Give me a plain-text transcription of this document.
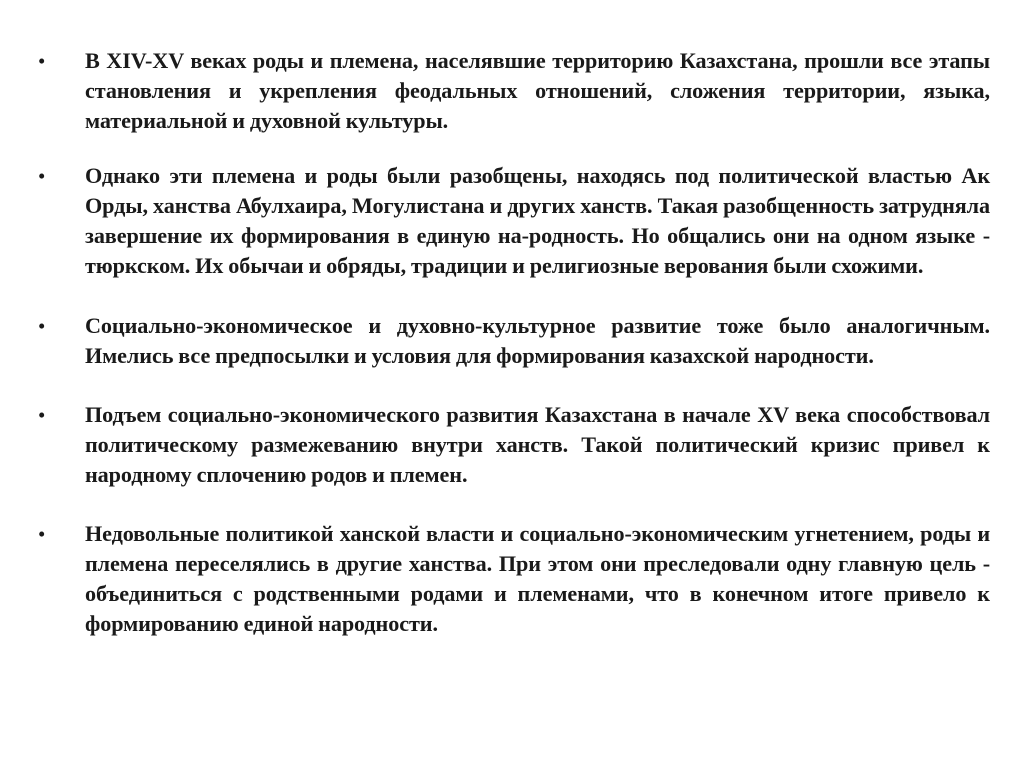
• В XIV-XV веках роды и племена, населявшие территорию Казахстана, прошли все этапы становления и укрепления феодальных отношений, сложения территории, языка, материальной и духовной культуры.
• Однако эти племена и роды были разобщены, находясь под политической властью Ак Орды, ханства Абулхаира, Могулистана и других ханств. Такая разобщенность затрудняла завершение их формирования в единую на-родность. Но общались они на одном языке - тюркском. Их обычаи и обряды, традиции и религиозные верования были схожими.
• Социально-экономическое и духовно-культурное развитие тоже было аналогичным. Имелись все предпосылки и условия для формирования казахской народности.
• Подъем социально-экономического развития Казахстана в начале XV века способствовал политическому размежеванию внутри ханств. Такой политический кризис привел к народному сплочению родов и племен.
• Недовольные политикой ханской власти и социально-экономическим угнетением, роды и племена переселялись в другие ханства. При этом они преследовали одну главную цель - объединиться с родственными родами и племенами, что в конечном итоге привело к формированию единой народности.
